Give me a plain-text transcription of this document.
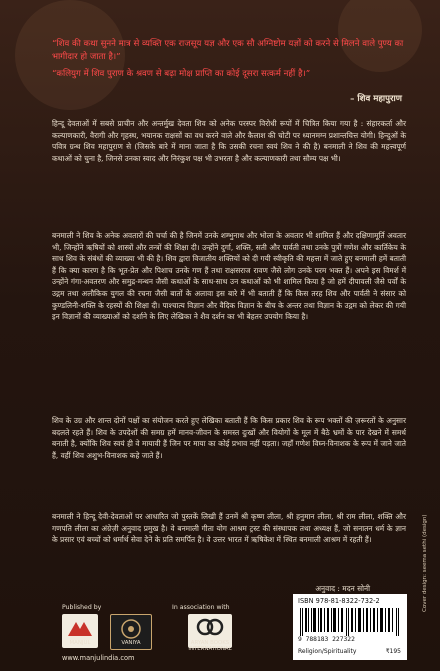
“शिव की कथा सुनने मात्र से व्यक्ति एक राजसूय यज्ञ और एक सौ अग्निष्टोम यज्ञों को करने से मिलने वाले पुण्य का भागीदार हो जाता है।”
“कलियुग में शिव पुराण के श्रवण से बढ़ा मोक्ष प्राप्ति का कोई दूसरा सत्कर्म नहीं है।”
– शिव महापुराण
हिन्दू देवताओं में सबसे प्राचीन और अन्तर्मुख देवता शिव को अनेक परस्पर विरोधी रूपों में चित्रित किया गया है : संहारकर्ता और कल्याणकारी, वैरागी और गृहस्थ, भयानक राक्षसों का वध करने वाले और कैलाश की चोटी पर ध्यानमग्न प्रशान्तचित्त योगी। हिन्दुओं के पवित्र ग्रन्थ शिव महापुराण से (जिसके बारे में माना जाता है कि उसकी रचना स्वयं शिव ने की है) बनमाली ने शिव की महत्त्वपूर्ण कथाओं को चुना है, जिनसे उनका स्वाद और निरंकुश पक्ष भी उभरता है और कल्याणकारी तथा सौम्य पक्ष भी।
बनमाली ने शिव के अनेक अवतारों की चर्चा की है जिनमें उनके शम्भुनाथ और भोला के अवतार भी शामिल हैं और दक्षिणामूर्ति अवतार भी, जिन्होंने ऋषियों को शास्त्रों और तन्त्रों की शिक्षा दी। उन्होंने दुर्गा, शक्ति, सती और पार्वती तथा उनके पुत्रों गणेश और कार्तिकेय के साथ शिव के संबंधों की व्याख्या भी की है। शिव द्वारा विजातीय शक्तियों को दी गयी स्वीकृति की महत्ता में जाते हुए बनमाली हमें बताती हैं कि क्या कारण है कि भूत-प्रेत और पिशाच उनके गण हैं तथा राक्षसराज रावण जैसे लोग उनके परम भक्त हैं। अपने इस विमर्श में उन्होंने गंगा-अवतरण और समुद्र-मन्थन जैसी कथाओं के साथ-साथ उन कथाओं को भी शामिल किया है जो हमें दीपावली जैसे पर्वों के उद्गम तथा अलौकिक युगल की रचना जैसी बातों के अलावा इस बारे में भी बताती हैं कि किस तरह शिव और पार्वती ने संसार को कुण्डलिनी-शक्ति के रहस्यों की शिक्षा दी। पाश्चात्य विज्ञान और वैदिक विज्ञान के बीच के अन्तर तथा विज्ञान के उद्गम को लेकर की गयी इन विज्ञानों की व्याख्याओं को दर्शाने के लिए लेखिका ने शैव दर्शन का भी बेहतर उपयोग किया है।
शिव के उग्र और शान्त दोनों पक्षों का संयोजन करते हुए लेखिका बताती हैं कि किस प्रकार शिव के रूप भक्तों की ज़रूरतों के अनुसार बदलते रहते हैं। शिव के उपदेशों की समग्र हमें मानव-जीवन के समस्त दुःखों और वियोगों के मूल में बैठे भ्रमों के पार देखने में समर्थ बनाती है, क्योंकि शिव स्वयं ही वे मायावी हैं जिन पर माया का कोई प्रभाव नहीं पड़ता। जहाँ गणेश विघ्न-विनाशक के रूप में जाने जाते हैं, वहीं शिव अशुभ-विनाशक कहे जाते हैं।
बनमाली ने हिन्दू देवी-देवताओं पर आधारित जो पुस्तकें लिखी हैं उनमें श्री कृष्ण लीला, श्री हनुमान लीला, श्री राम लीला, शक्ति और गणपति लीला का अंग्रेज़ी अनुवाद प्रमुख है। वे बनमाली गीता योग आश्रम ट्रस्ट की संस्थापक तथा अध्यक्ष हैं, जो सनातन धर्म के ज्ञान के प्रसार एवं बच्चों को धर्मार्थ सेवा देने के प्रति समर्पित है। वे उत्तर भारत में ऋषिकेश में स्थित बनमाली आश्रम में रहती हैं।
अनुवाद : मदन सोनी
Published by	In association with
MANJUL	VANIYA	ARYAN BOOKS INTERNATIONAL
www.manjulindia.com
ISBN 978-81-8322-732-2
9 788183 227322
Religion/Spirituality	₹195
Cover design: seema sethi (design)
